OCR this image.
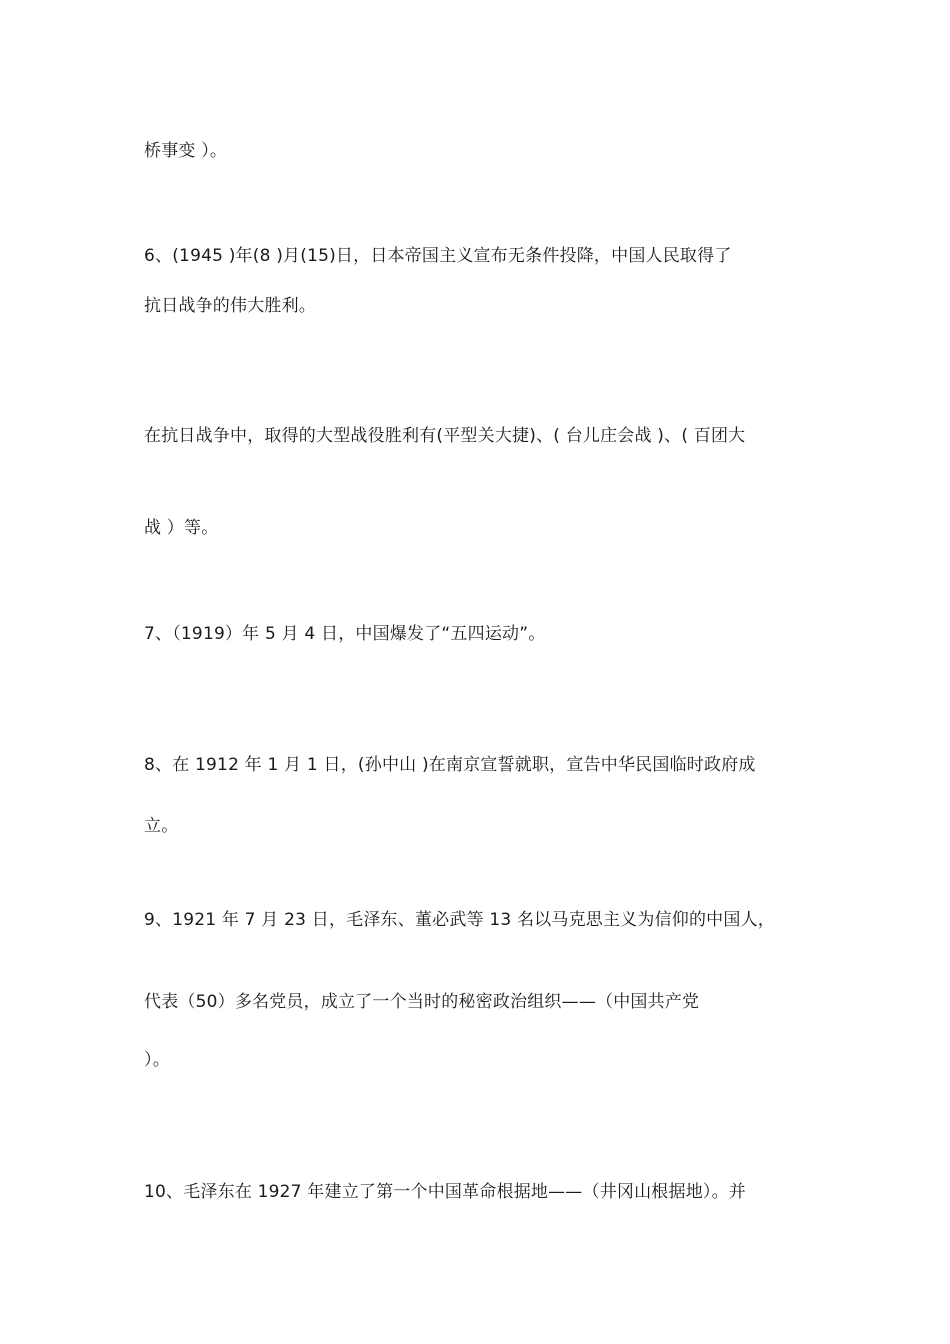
桥事变 ）。
6、(1945 )年(8 )月(15)日，日本帝国主义宣布无条件投降，中国人民取得了
抗日战争的伟大胜利。
在抗日战争中，取得的大型战役胜利有(平型关大捷)、( 台儿庄会战 )、( 百团大
战 ）等。
7、（1919）年 5 月 4 日，中国爆发了“五四运动”。
8、在 1912 年 1 月 1 日，(孙中山 )在南京宣誓就职，宣告中华民国临时政府成
立。
9、1921 年 7 月 23 日，毛泽东、董必武等 13 名以马克思主义为信仰的中国人，
代表（50）多名党员，成立了一个当时的秘密政治组织——（中国共产党
）。
10、毛泽东在 1927 年建立了第一个中国革命根据地——（井冈山根据地）。并
